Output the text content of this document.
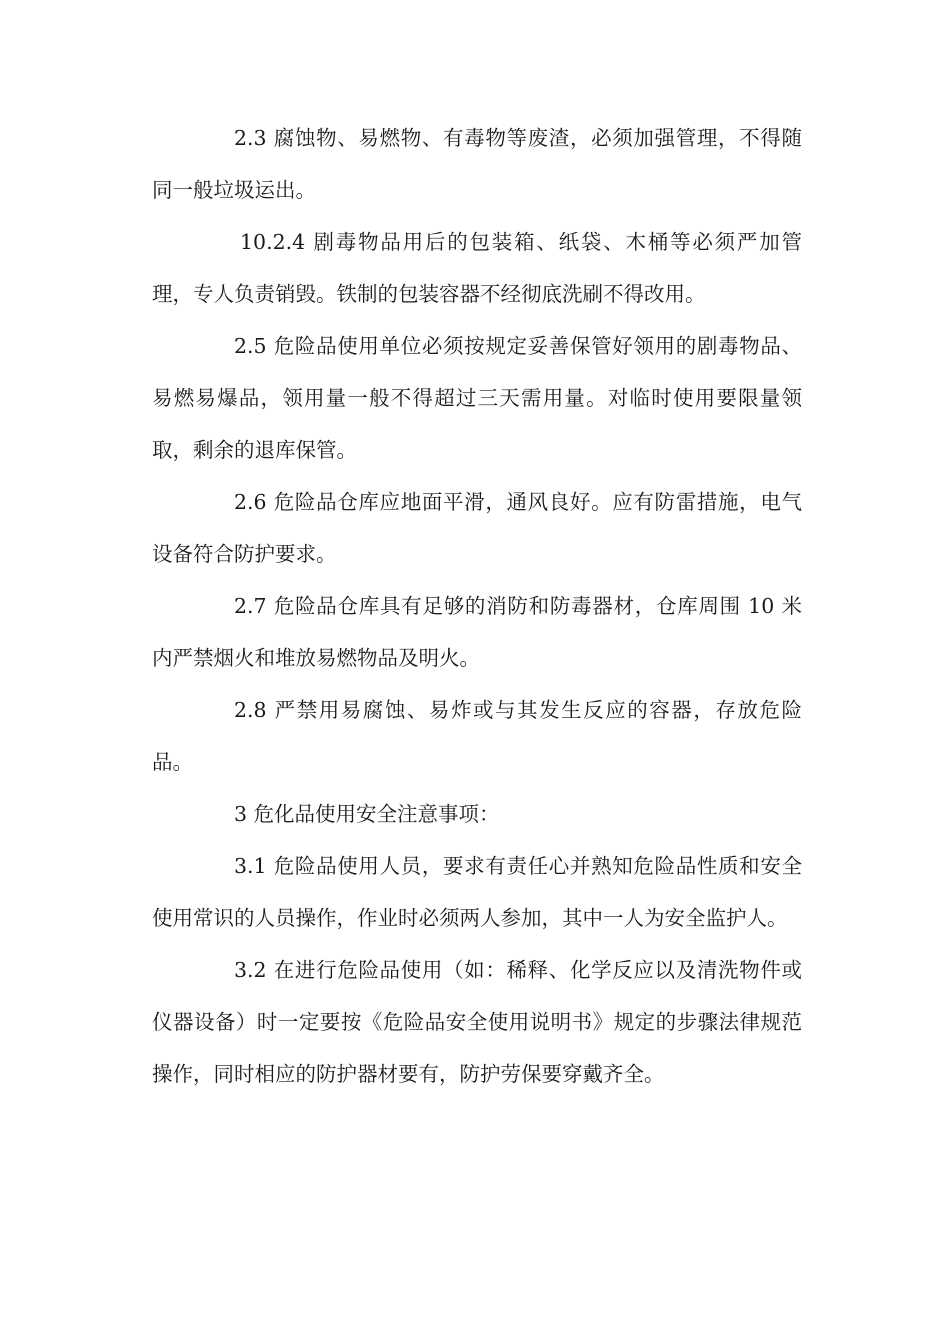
2.3 腐蚀物、易燃物、有毒物等废渣，必须加强管理，不得随同一般垃圾运出。

10.2.4 剧毒物品用后的包装箱、纸袋、木桶等必须严加管理，专人负责销毁。铁制的包装容器不经彻底洗刷不得改用。

2.5 危险品使用单位必须按规定妥善保管好领用的剧毒物品、易燃易爆品，领用量一般不得超过三天需用量。对临时使用要限量领取，剩余的退库保管。

2.6 危险品仓库应地面平滑，通风良好。应有防雷措施，电气设备符合防护要求。

2.7 危险品仓库具有足够的消防和防毒器材，仓库周围 10 米内严禁烟火和堆放易燃物品及明火。

2.8 严禁用易腐蚀、易炸或与其发生反应的容器，存放危险品。

3 危化品使用安全注意事项：

3.1 危险品使用人员，要求有责任心并熟知危险品性质和安全使用常识的人员操作，作业时必须两人参加，其中一人为安全监护人。

3.2 在进行危险品使用（如：稀释、化学反应以及清洗物件或仪器设备）时一定要按《危险品安全使用说明书》规定的步骤法律规范操作，同时相应的防护器材要有，防护劳保要穿戴齐全。
